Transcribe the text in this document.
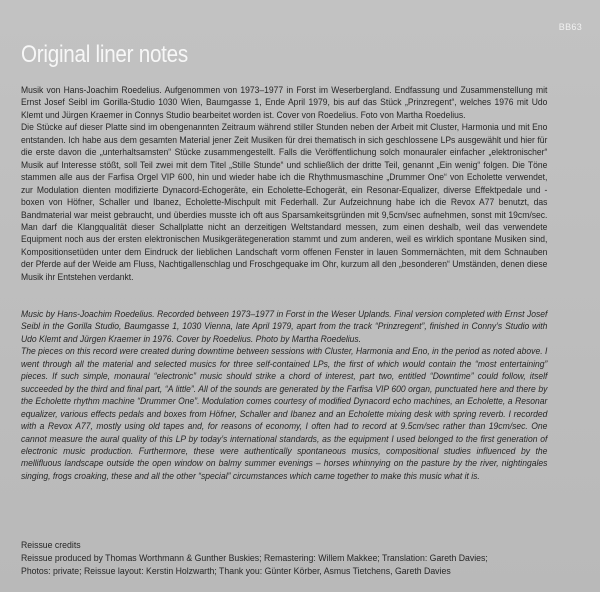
BB63
Original liner notes

Musik von Hans-Joachim Roedelius. Aufgenommen von 1973–1977 in Forst im Weserbergland. Endfassung und Zusammenstellung mit Ernst Josef Seibl im Gorilla-Studio 1030 Wien, Baumgasse 1, Ende April 1979, bis auf das Stück „Prinzregent“, welches 1976 mit Udo Klemt und Jürgen Kraemer in Connys Studio bearbeitet worden ist. Cover von Roedelius. Foto von Martha Roedelius.

Die Stücke auf dieser Platte sind im obengenannten Zeitraum während stiller Stunden neben der Arbeit mit Cluster, Harmonia und mit Eno entstanden. Ich habe aus dem gesamten Material jener Zeit Musiken für drei thematisch in sich geschlossene LPs ausgewählt und hier für die erste davon die „unterhaltsamsten“ Stücke zusammengestellt. Falls die Veröffentlichung solch monauraler einfacher „elektronischer“ Musik auf Interesse stößt, soll Teil zwei mit dem Titel „Stille Stunde“ und schließlich der dritte Teil, genannt „Ein wenig“ folgen. Die Töne stammen alle aus der Farfisa Orgel VIP 600, hin und wieder habe ich die Rhythmusmaschine „Drummer One“ von Echolette verwendet, zur Modulation dienten modifizierte Dynacord-Echogeräte, ein Echolette-Echogerät, ein Resonar-Equalizer, diverse Effektpedale und -boxen von Höfner, Schaller und Ibanez, Echolette-Mischpult mit Federhall. Zur Aufzeichnung habe ich die Revox A77 benutzt, das Bandmaterial war meist gebraucht, und überdies musste ich oft aus Sparsamkeitsgründen mit 9,5cm/sec aufnehmen, sonst mit 19cm/sec. Man darf die Klangqualität dieser Schallplatte nicht an derzeitigen Weltstandard messen, zum einen deshalb, weil das verwendete Equipment noch aus der ersten elektronischen Musikgerätegeneration stammt und zum anderen, weil es wirklich spontane Musiken sind, Kompositionsetüden unter dem Eindruck der lieblichen Landschaft vorm offenen Fenster in lauen Sommernächten, mit dem Schnauben der Pferde auf der Weide am Fluss, Nachtigallenschlag und Froschgequake im Ohr, kurzum all den „besonderen“ Umständen, denen diese Musik ihr Entstehen verdankt.

Music by Hans-Joachim Roedelius. Recorded between 1973–1977 in Forst in the Weser Uplands. Final version completed with Ernst Josef Seibl in the Gorilla Studio, Baumgasse 1, 1030 Vienna, late April 1979, apart from the track “Prinzregent”, finished in Conny’s Studio with Udo Klemt and Jürgen Kraemer in 1976. Cover by Roedelius. Photo by Martha Roedelius.

The pieces on this record were created during downtime between sessions with Cluster, Harmonia and Eno, in the period as noted above. I went through all the material and selected musics for three self-contained LPs, the first of which would contain the “most entertaining” pieces. If such simple, monaural “electronic” music should strike a chord of interest, part two, entitled “Downtime” could follow, itself succeeded by the third and final part, “A little”. All of the sounds are generated by the Farfisa VIP 600 organ, punctuated here and there by the Echolette rhythm machine “Drummer One”. Modulation comes courtesy of modified Dynacord echo machines, an Echolette, a Resonar equalizer, various effects pedals and boxes from Höfner, Schaller and Ibanez and an Echolette mixing desk with spring reverb. I recorded with a Revox A77, mostly using old tapes and, for reasons of economy, I often had to record at 9.5cm/sec rather than 19cm/sec. One cannot measure the aural quality of this LP by today’s international standards, as the equipment I used belonged to the first generation of electronic music production. Furthermore, these were authentically spontaneous musics, compositional studies influenced by the mellifluous landscape outside the open window on balmy summer evenings – horses whinnying on the pasture by the river, nightingales singing, frogs croaking, these and all the other “special” circumstances which came together to make this music what it is.

Reissue credits
Reissue produced by Thomas Worthmann & Gunther Buskies; Remastering: Willem Makkee; Translation: Gareth Davies;
Photos: private; Reissue layout: Kerstin Holzwarth; Thank you: Günter Körber, Asmus Tietchens, Gareth Davies
